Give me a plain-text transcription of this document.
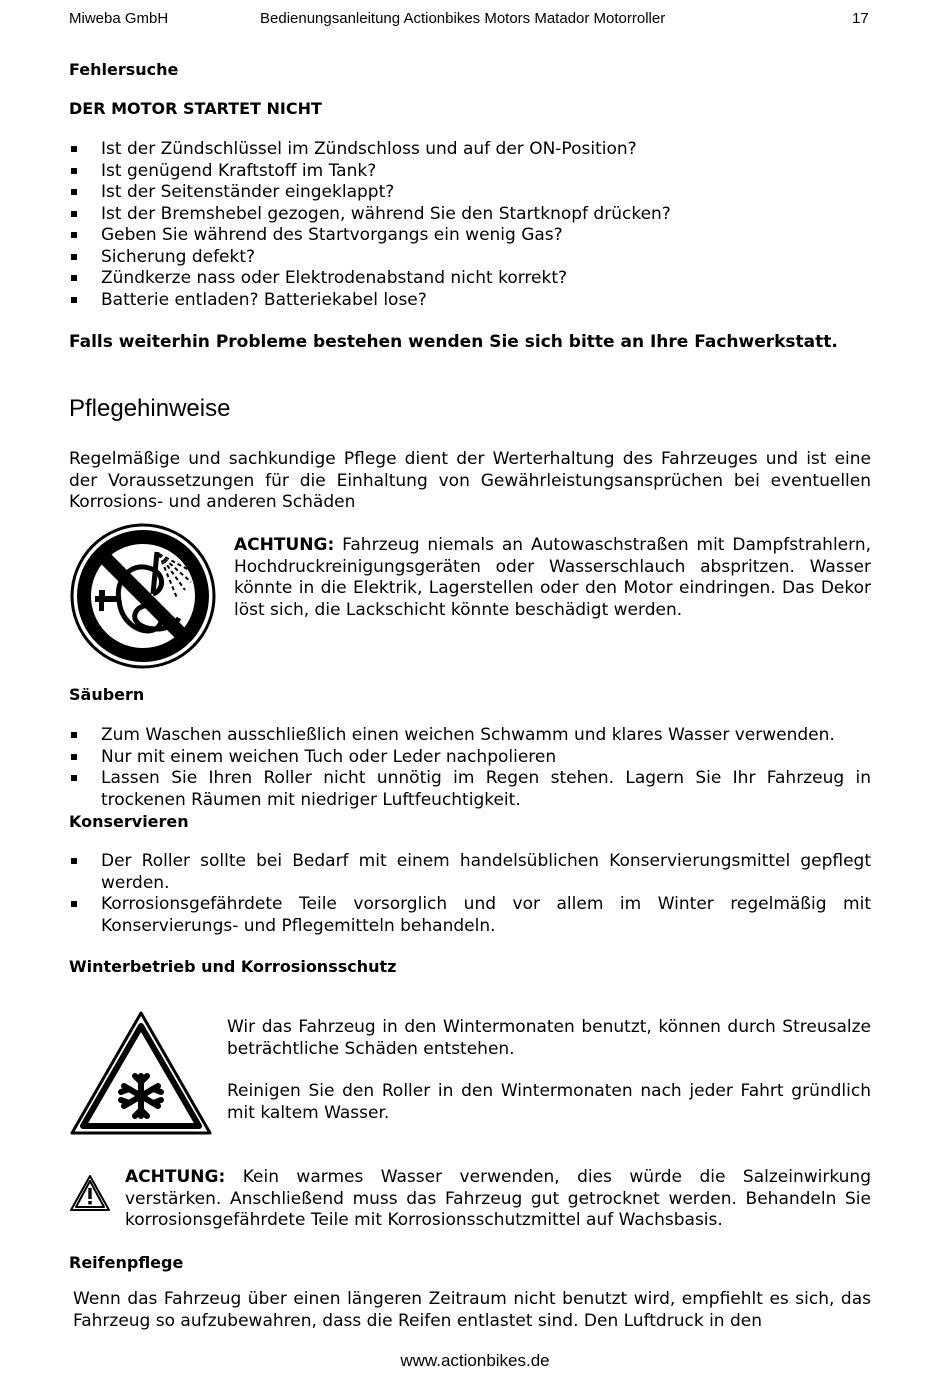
Miweba GmbH	Bedienungsanleitung Actionbikes Motors Matador Motorroller	17
Fehlersuche
DER MOTOR STARTET NICHT
Ist der Zündschlüssel im Zündschloss und auf der ON-Position?
Ist genügend Kraftstoff im Tank?
Ist der Seitenständer eingeklappt?
Ist der Bremshebel gezogen, während Sie den Startknopf drücken?
Geben Sie während des Startvorgangs ein wenig Gas?
Sicherung defekt?
Zündkerze nass oder Elektrodenabstand nicht korrekt?
Batterie entladen? Batteriekabel lose?
Falls weiterhin Probleme bestehen wenden Sie sich bitte an Ihre Fachwerkstatt.
Pflegehinweise
Regelmäßige und sachkundige Pflege dient der Werterhaltung des Fahrzeuges und ist eine der Voraussetzungen für die Einhaltung von Gewährleistungsansprüchen bei eventuellen Korrosions- und anderen Schäden
ACHTUNG: Fahrzeug niemals an Autowaschstraßen mit Dampfstrahlern, Hochdruckreinigungsgeräten oder Wasserschlauch abspritzen. Wasser könnte in die Elektrik, Lagerstellen oder den Motor eindringen. Das Dekor löst sich, die Lackschicht könnte beschädigt werden.
Säubern
Zum Waschen ausschließlich einen weichen Schwamm und klares Wasser verwenden.
Nur mit einem weichen Tuch oder Leder nachpolieren
Lassen Sie Ihren Roller nicht unnötig im Regen stehen. Lagern Sie Ihr Fahrzeug in trockenen Räumen mit niedriger Luftfeuchtigkeit.
Konservieren
Der Roller sollte bei Bedarf mit einem handelsüblichen Konservierungsmittel gepflegt werden.
Korrosionsgefährdete Teile vorsorglich und vor allem im Winter regelmäßig mit Konservierungs- und Pflegemitteln behandeln.
Winterbetrieb und Korrosionsschutz
Wir das Fahrzeug in den Wintermonaten benutzt, können durch Streusalze beträchtliche Schäden entstehen.
Reinigen Sie den Roller in den Wintermonaten nach jeder Fahrt gründlich mit kaltem Wasser.
ACHTUNG: Kein warmes Wasser verwenden, dies würde die Salzeinwirkung verstärken. Anschließend muss das Fahrzeug gut getrocknet werden. Behandeln Sie korrosionsgefährdete Teile mit Korrosionsschutzmittel auf Wachsbasis.
Reifenpflege
Wenn das Fahrzeug über einen längeren Zeitraum nicht benutzt wird, empfiehlt es sich, das Fahrzeug so aufzubewahren, dass die Reifen entlastet sind. Den Luftdruck in den
www.actionbikes.de
